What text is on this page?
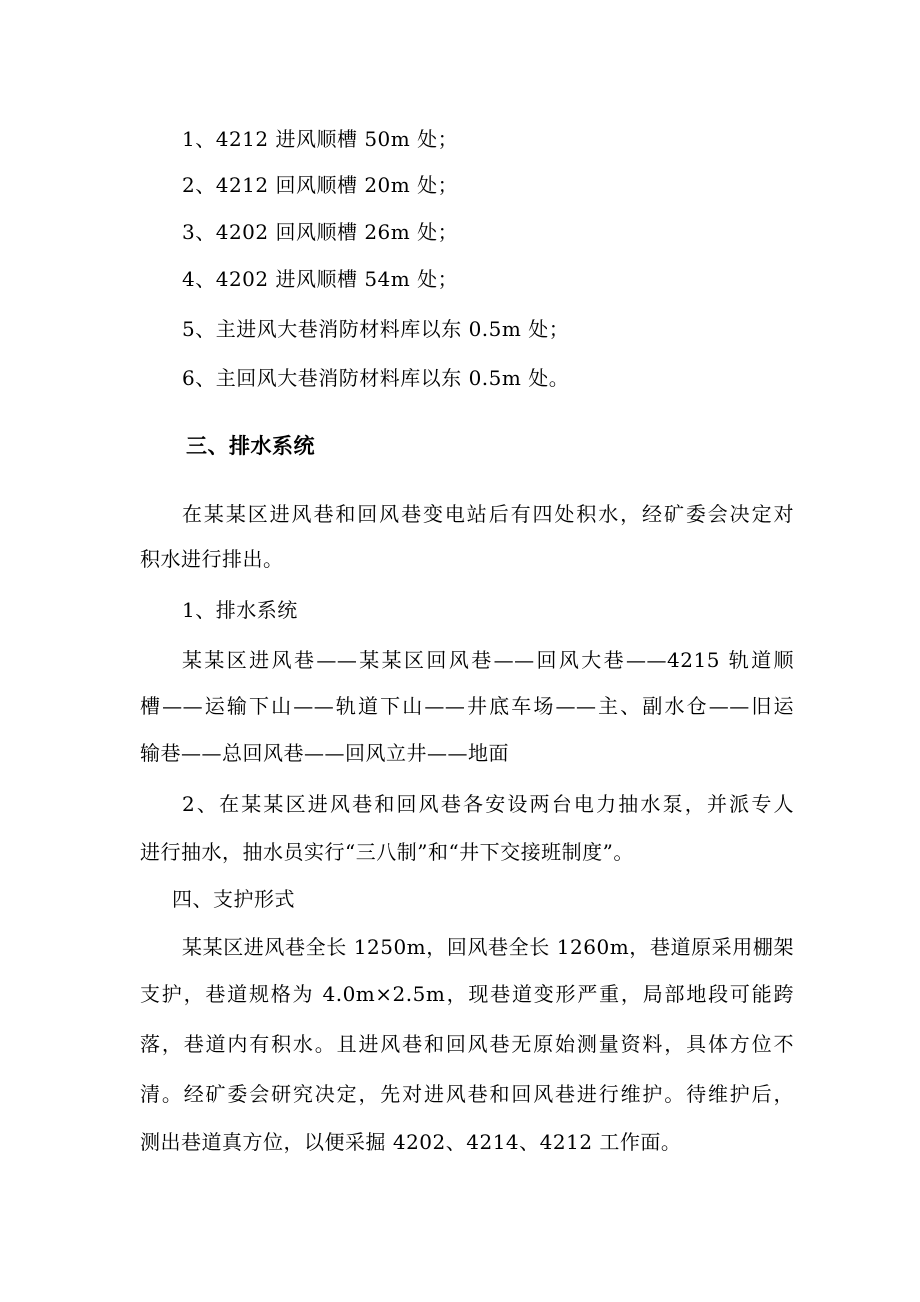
1、4212 进风顺槽 50m 处；
2、4212 回风顺槽 20m 处；
3、4202 回风顺槽 26m 处；
4、4202 进风顺槽 54m 处；
5、主进风大巷消防材料库以东 0.5m 处；
6、主回风大巷消防材料库以东 0.5m 处。
三、排水系统
在某某区进风巷和回风巷变电站后有四处积水，经矿委会决定对
积水进行排出。
1、排水系统
某某区进风巷——某某区回风巷——回风大巷——4215 轨道顺
槽——运输下山——轨道下山——井底车场——主、副水仓——旧运
输巷——总回风巷——回风立井——地面
2、在某某区进风巷和回风巷各安设两台电力抽水泵，并派专人
进行抽水，抽水员实行“三八制”和“井下交接班制度”。
四、支护形式
某某区进风巷全长 1250m，回风巷全长 1260m，巷道原采用棚架
支护，巷道规格为 4.0m×2.5m，现巷道变形严重，局部地段可能跨
落，巷道内有积水。且进风巷和回风巷无原始测量资料，具体方位不
清。经矿委会研究决定，先对进风巷和回风巷进行维护。待维护后，
测出巷道真方位，以便采掘 4202、4214、4212 工作面。
